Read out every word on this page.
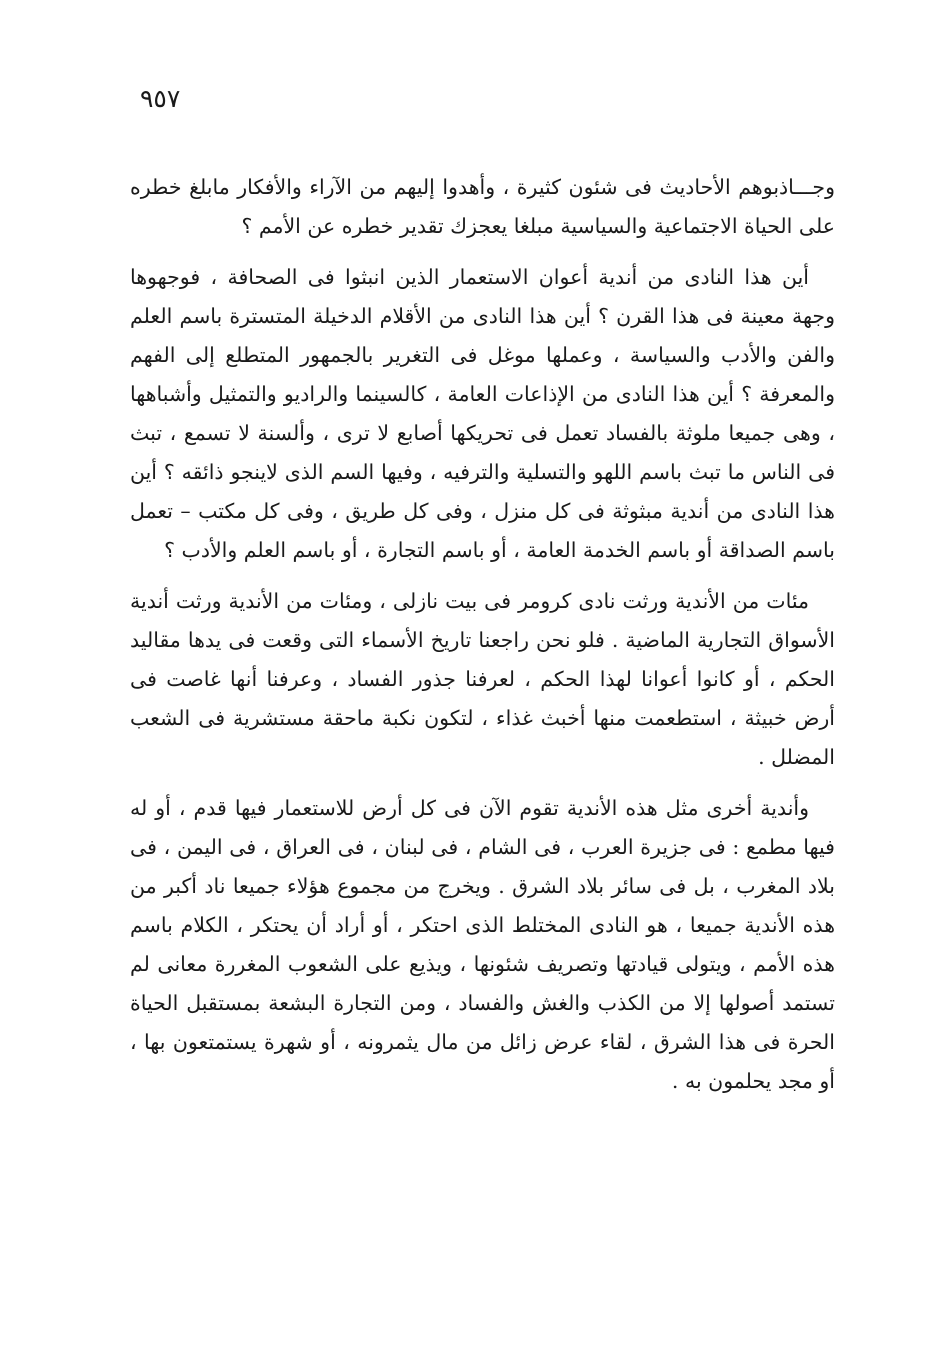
٩٥٧

وجـــاذبوهم الأحاديث فى شئون كثيرة ، وأهدوا إليهم من الآراء والأفكار مابلغ خطره على الحياة الاجتماعية والسياسية مبلغا يعجزك تقدير خطره عن الأمم ؟

أين هذا النادى من أندية أعوان الاستعمار الذين انبثوا فى الصحافة ، فوجهوها وجهة معينة فى هذا القرن ؟ أين هذا النادى من الأقلام الدخيلة المتسترة باسم العلم والفن والأدب والسياسة ، وعملها موغل فى التغرير بالجمهور المتطلع إلى الفهم والمعرفة ؟ أين هذا النادى من الإذاعات العامة ، كالسينما والراديو والتمثيل وأشباهها ، وهى جميعا ملوثة بالفساد تعمل فى تحريكها أصابع لا ترى ، وألسنة لا تسمع ، تبث فى الناس ما تبث باسم اللهو والتسلية والترفيه ، وفيها السم الذى لاينجو ذائقه ؟ أين هذا النادى من أندية مبثوثة فى كل منزل ، وفى كل طريق ، وفى كل مكتب – تعمل باسم الصداقة أو باسم الخدمة العامة ، أو باسم التجارة ، أو باسم العلم والأدب ؟

مئات من الأندية ورثت نادى كرومر فى بيت نازلى ، ومئات من الأندية ورثت أندية الأسواق التجارية الماضية . فلو نحن راجعنا تاريخ الأسماء التى وقعت فى يدها مقاليد الحكم ، أو كانوا أعوانا لهذا الحكم ، لعرفنا جذور الفساد ، وعرفنا أنها غاصت فى أرض خبيثة ، استطعمت منها أخبث غذاء ، لتكون نكبة ماحقة مستشرية فى الشعب المضلل .

وأندية أخرى مثل هذه الأندية تقوم الآن فى كل أرض للاستعمار فيها قدم ، أو له فيها مطمع : فى جزيرة العرب ، فى الشام ، فى لبنان ، فى العراق ، فى اليمن ، فى بلاد المغرب ، بل فى سائر بلاد الشرق . ويخرج من مجموع هؤلاء جميعا ناد أكبر من هذه الأندية جميعا ، هو النادى المختلط الذى احتكر ، أو أراد أن يحتكر ، الكلام باسم هذه الأمم ، ويتولى قيادتها وتصريف شئونها ، ويذيع على الشعوب المغررة معانى لم تستمد أصولها إلا من الكذب والغش والفساد ، ومن التجارة البشعة بمستقبل الحياة الحرة فى هذا الشرق ، لقاء عرض زائل من مال يثمرونه ، أو شهرة يستمتعون بها ، أو مجد يحلمون به .
